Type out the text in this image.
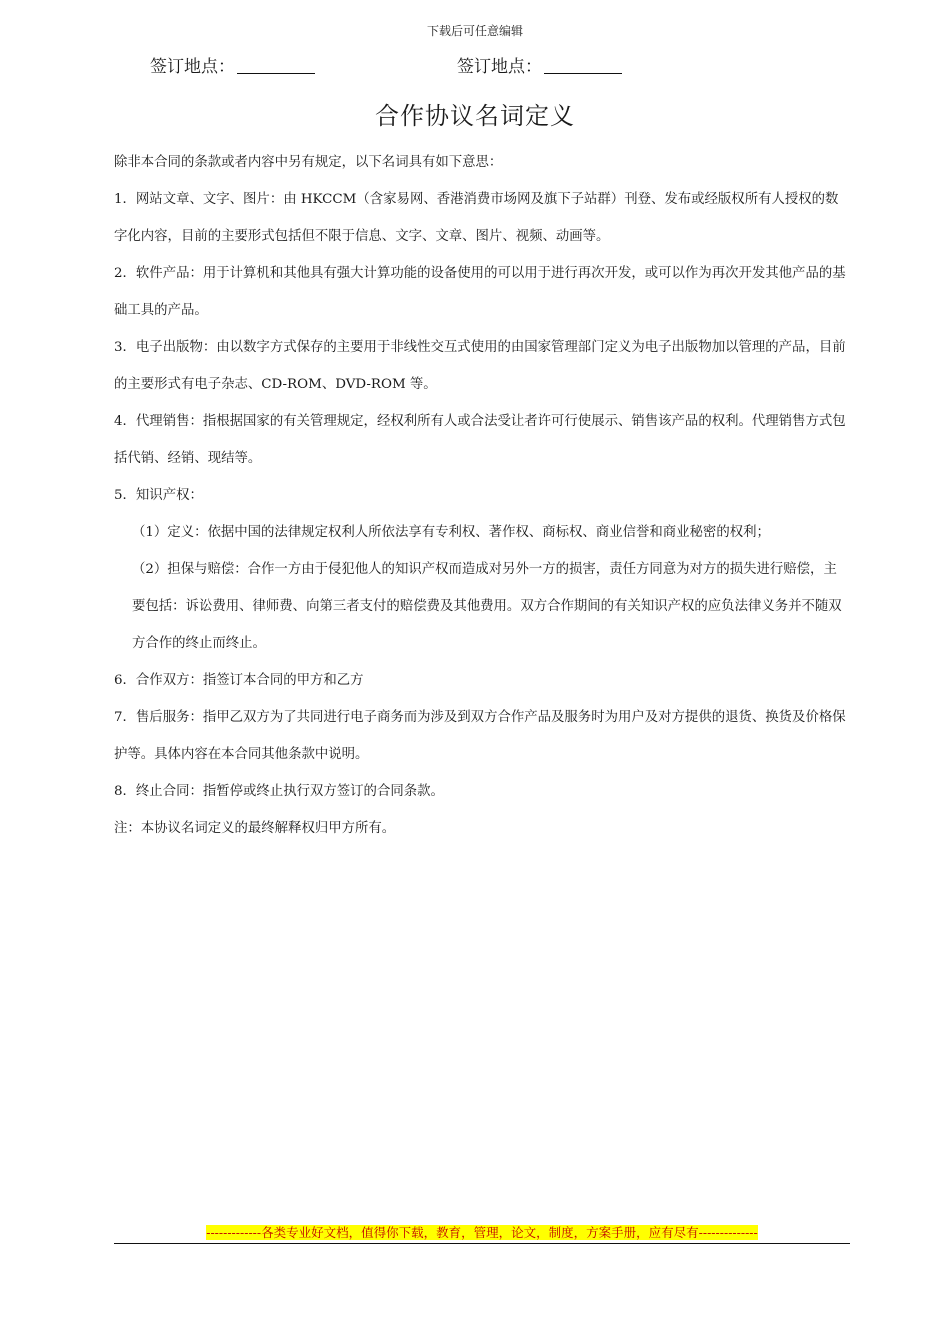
下载后可任意编辑
签订地点：	签订地点：
合作协议名词定义

除非本合同的条款或者内容中另有规定，以下名词具有如下意思：

1．网站文章、文字、图片：由 HKCCM（含家易网、香港消费市场网及旗下子站群）刊登、发布或经版权所有人授权的数字化内容，目前的主要形式包括但不限于信息、文字、文章、图片、视频、动画等。

2．软件产品：用于计算机和其他具有强大计算功能的设备使用的可以用于进行再次开发，或可以作为再次开发其他产品的基础工具的产品。

3．电子出版物：由以数字方式保存的主要用于非线性交互式使用的由国家管理部门定义为电子出版物加以管理的产品，目前的主要形式有电子杂志、CD-ROM、DVD-ROM 等。

4．代理销售：指根据国家的有关管理规定，经权利所有人或合法受让者许可行使展示、销售该产品的权利。代理销售方式包括代销、经销、现结等。

5．知识产权：

（1）定义：依据中国的法律规定权利人所依法享有专利权、著作权、商标权、商业信誉和商业秘密的权利；

（2）担保与赔偿：合作一方由于侵犯他人的知识产权而造成对另外一方的损害，责任方同意为对方的损失进行赔偿，主要包括：诉讼费用、律师费、向第三者支付的赔偿费及其他费用。双方合作期间的有关知识产权的应负法律义务并不随双方合作的终止而终止。

6．合作双方：指签订本合同的甲方和乙方

7．售后服务：指甲乙双方为了共同进行电子商务而为涉及到双方合作产品及服务时为用户及对方提供的退货、换货及价格保护等。具体内容在本合同其他条款中说明。

8．终止合同：指暂停或终止执行双方签订的合同条款。

注：本协议名词定义的最终解释权归甲方所有。

-------------各类专业好文档，值得你下载，教育，管理，论文，制度，方案手册，应有尽有--------------
